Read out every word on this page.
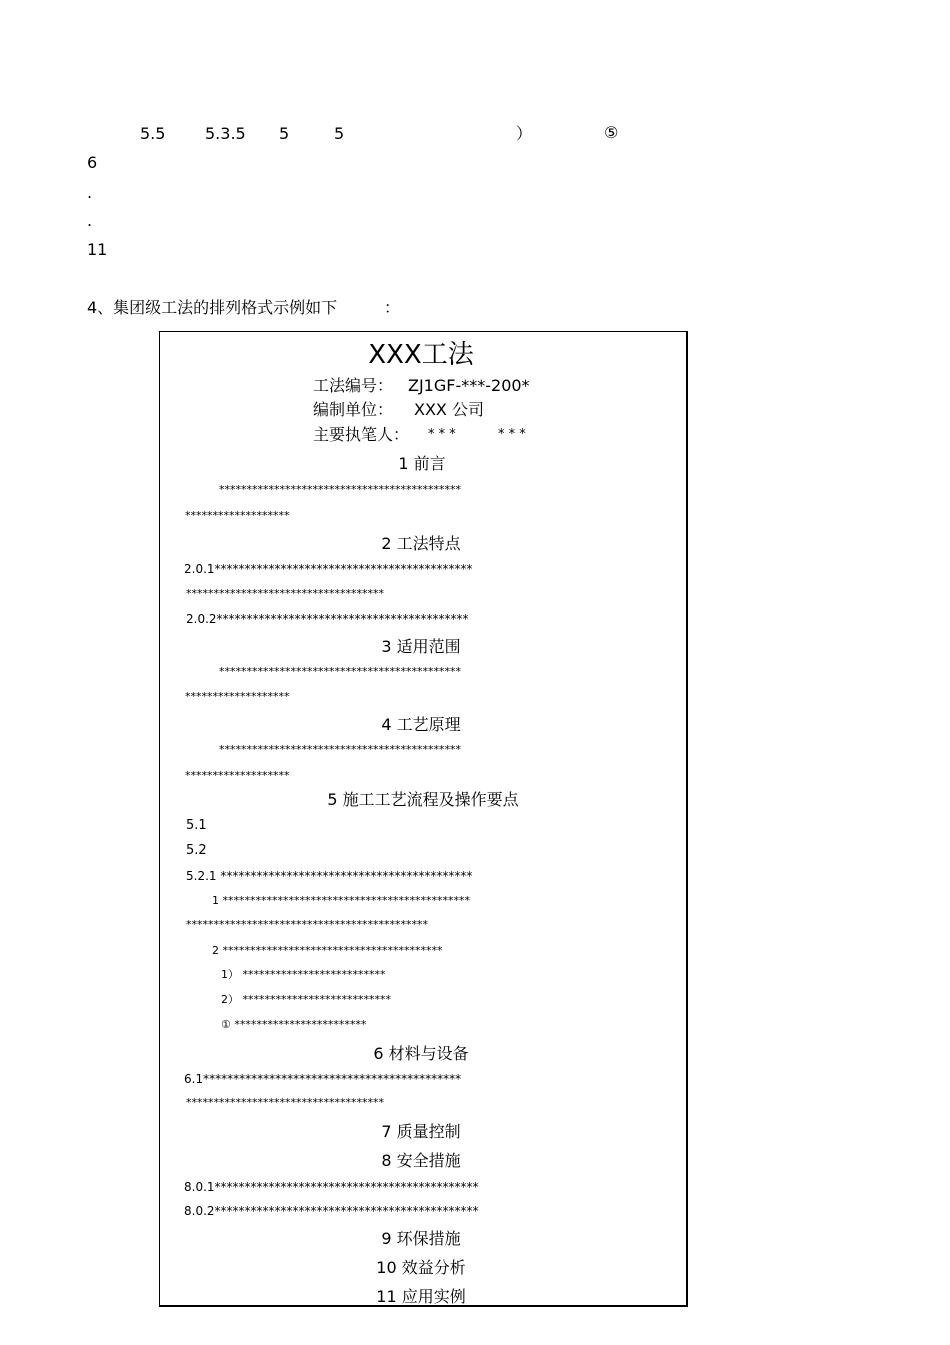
5.5 5.3.5 5	5	）	⑤
6
.
.
11
4、集团级工法的排列格式示例如下	：
XXX工法
工法编号： ZJ1GF-***-200*
编制单位： XXX 公司
主要执笔人： * * *	* * *
1 前言
********************************************
*******************
2 工法特点
2.0.1*******************************************
************************************
2.0.2******************************************
3 适用范围
********************************************
*******************
4 工艺原理
********************************************
*******************
5 施工工艺流程及操作要点
5.1
5.2
5.2.1 ******************************************
1 *********************************************
********************************************
2 ****************************************
1） **************************
2） ***************************
① ************************
6 材料与设备
6.1*******************************************
************************************
7 质量控制
8 安全措施
8.0.1********************************************
8.0.2********************************************
9 环保措施
10 效益分析
11 应用实例
